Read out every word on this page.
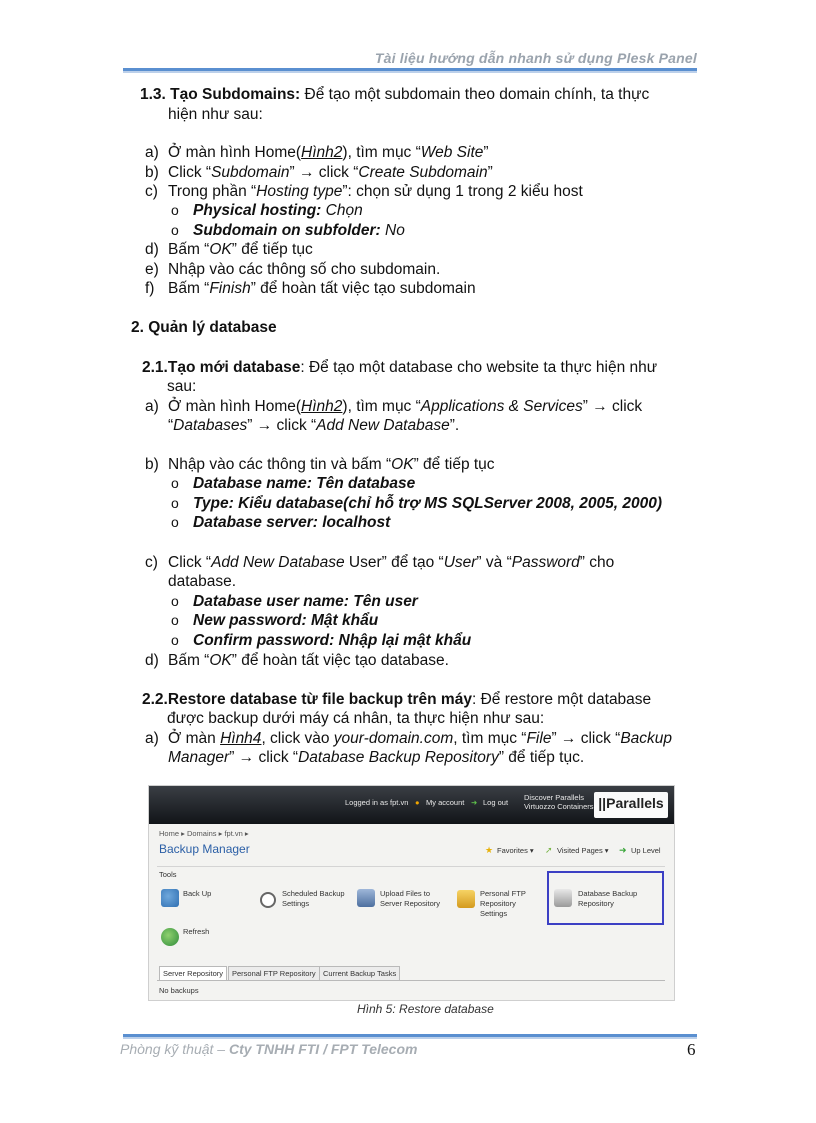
Tài liệu hướng dẫn nhanh sử dụng Plesk Panel
1.3. Tạo Subdomains: Để tạo một subdomain theo domain chính, ta thực
hiện như sau:
a) Ở màn hình Home(Hình2), tìm mục “Web Site”
b) Click “Subdomain” → click “Create Subdomain”
c) Trong phần “Hosting type”: chọn sử dụng 1 trong 2 kiểu host
o Physical hosting: Chọn
o Subdomain on subfolder: No
d) Bấm “OK” để tiếp tục
e) Nhập vào các thông số cho subdomain.
f) Bấm “Finish” để hoàn tất việc tạo subdomain
2. Quản lý database
2.1.Tạo mới database: Để tạo một database cho website ta thực hiện như
sau:
a) Ở màn hình Home(Hình2), tìm mục “Applications & Services” → click
“Databases” → click “Add New Database”.
b) Nhập vào các thông tin và bấm “OK” để tiếp tục
o Database name: Tên database
o Type: Kiểu database(chỉ hỗ trợ MS SQLServer 2008, 2005, 2000)
o Database server: localhost
c) Click “Add New Database User” để tạo “User” và “Password” cho
database.
o Database user name: Tên user
o New password: Mật khẩu
o Confirm password: Nhập lại mật khẩu
d) Bấm “OK” để hoàn tất việc tạo database.
2.2.Restore database từ file backup trên máy: Để restore một database
được backup dưới máy cá nhân, ta thực hiện như sau:
a) Ở màn Hình4, click vào your-domain.com, tìm mục “File” → click “Backup
Manager” → click “Database Backup Repository” để tiếp tục.
Logged in as fpt.vn ● My account ➜ Log out
Discover Parallels
Virtuozzo Containers ||Parallels
Home ▸ Domains ▸ fpt.vn ▸
Backup Manager	★ Favorites ▾ ➚ Visited Pages ▾ ➜ Up Level
Tools
Back Up	Scheduled Backup
Settings
Upload Files to
Server Repository
Personal FTP
Repository
Settings
Database Backup
Repository
Refresh
Server Repository	Personal FTP Repository Current Backup Tasks
No backups
Hình 5: Restore database
Phòng kỹ thuật – Cty TNHH FTI / FPT Telecom	6
